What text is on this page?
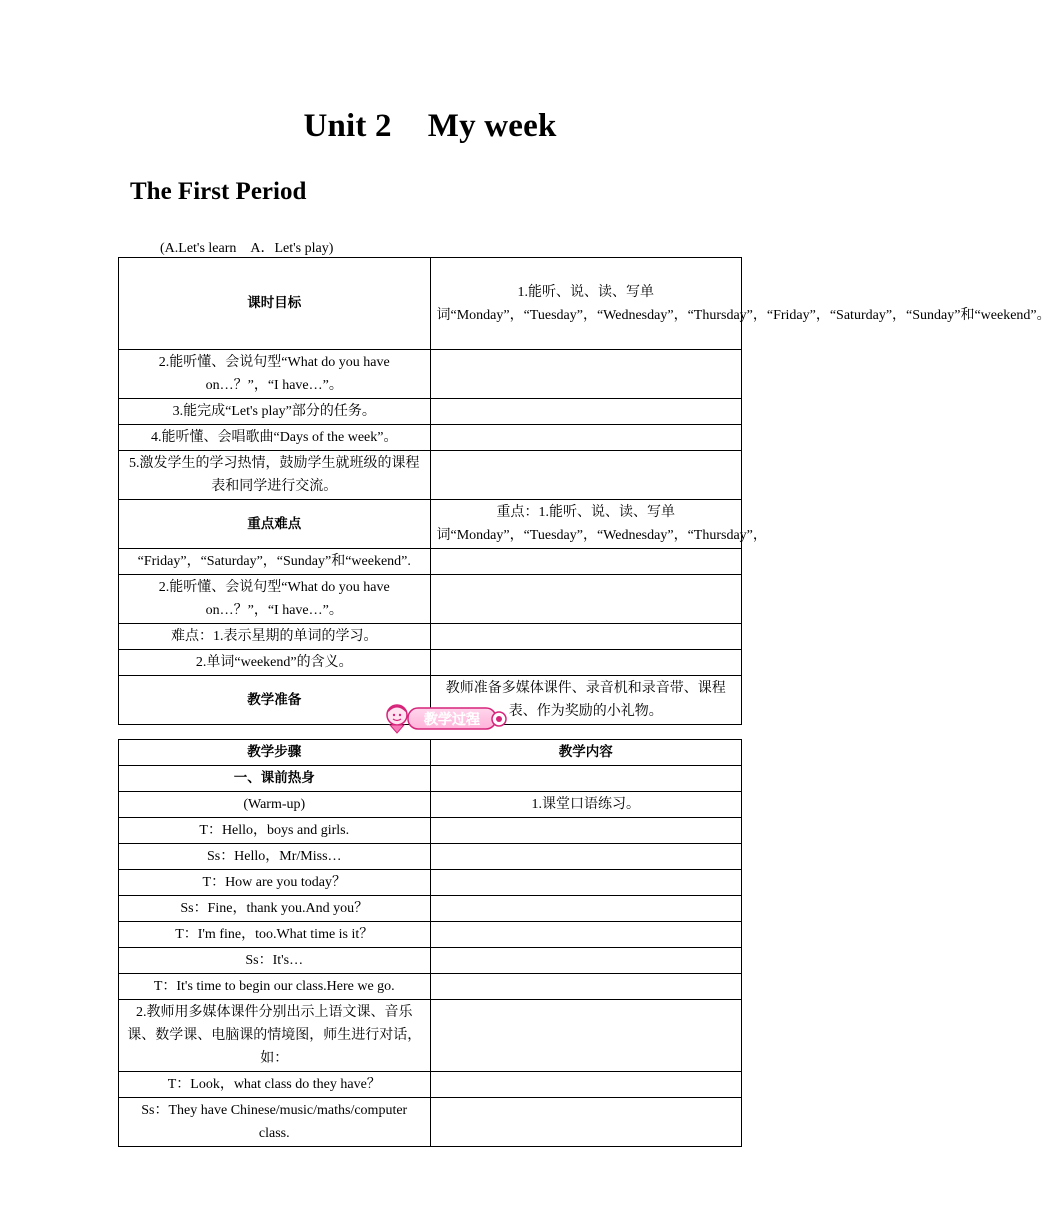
Unit 2 My week
The First Period

(A.Let's learn　A．Let's play)

课时目标	1.能听、说、读、写单词“Monday”，“Tuesday”，“Wednesday”，“Thursday”，“Friday”，“Saturday”，“Sunday”和“weekend”。
2.能听懂、会说句型“What do you have on…？”，“I have…”。	
3.能完成“Let's play”部分的任务。	
4.能听懂、会唱歌曲“Days of the week”。	
5.激发学生的学习热情，鼓励学生就班级的课程表和同学进行交流。	
重点难点	重点：1.能听、说、读、写单词“Monday”，“Tuesday”，“Wednesday”，“Thursday”，
“Friday”，“Saturday”，“Sunday”和“weekend”.	
2.能听懂、会说句型“What do you have on…？”，“I have…”。	
难点：1.表示星期的单词的学习。	
2.单词“weekend”的含义。	
教学准备	教师准备多媒体课件、录音机和录音带、课程表、作为奖励的小礼物。
教学过程
教学步骤	教学内容
一、课前热身	
(Warm-up)	1.课堂口语练习。
T：Hello，boys and girls.	
Ss：Hello，Mr/Miss…	
T：How are you today？	
Ss：Fine，thank you.And you？	
T：I'm fine，too.What time is it？	
Ss：It's…	
T：It's time to begin our class.Here we go.	
2.教师用多媒体课件分别出示上语文课、音乐课、数学课、电脑课的情境图，师生进行对话，如：	
T：Look，what class do they have？	
Ss：They have Chinese/music/maths/computer class.	
